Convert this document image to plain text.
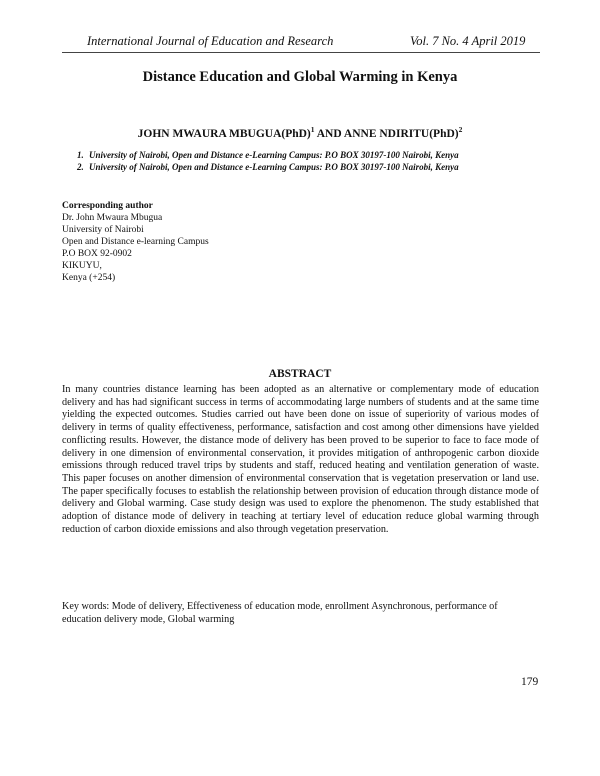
International Journal of Education and Research	Vol. 7 No. 4 April 2019
Distance Education and Global Warming in Kenya
JOHN MWAURA MBUGUA(PhD)$^1$ AND ANNE NDIRITU(PhD)$^2$
1. University of Nairobi, Open and Distance e-Learning Campus: P.O BOX 30197-100 Nairobi, Kenya
2. University of Nairobi, Open and Distance e-Learning Campus: P.O BOX 30197-100 Nairobi, Kenya
Corresponding author
Dr. John Mwaura Mbugua
University of Nairobi
Open and Distance e-learning Campus
P.O BOX 92-0902
KIKUYU,
Kenya (+254)
ABSTRACT

In many countries distance learning has been adopted as an alternative or complementary mode of education delivery and has had significant success in terms of accommodating large numbers of students and at the same time yielding the expected outcomes. Studies carried out have been done on issue of superiority of various modes of delivery in terms of quality effectiveness, performance, satisfaction and cost among other dimensions have yielded conflicting results. However, the distance mode of delivery has been proved to be superior to face to face mode of delivery in one dimension of environmental conservation, it provides mitigation of anthropogenic carbon dioxide emissions through reduced travel trips by students and staff, reduced heating and ventilation generation of waste. This paper focuses on another dimension of environmental conservation that is vegetation preservation or land use. The paper specifically focuses to establish the relationship between provision of education through distance mode of delivery and Global warming. Case study design was used to explore the phenomenon. The study established that adoption of distance mode of delivery in teaching at tertiary level of education reduce global warming through reduction of carbon dioxide emissions and also through vegetation preservation.

Key words: Mode of delivery, Effectiveness of education mode, enrollment Asynchronous, performance of education delivery mode, Global warming

179
